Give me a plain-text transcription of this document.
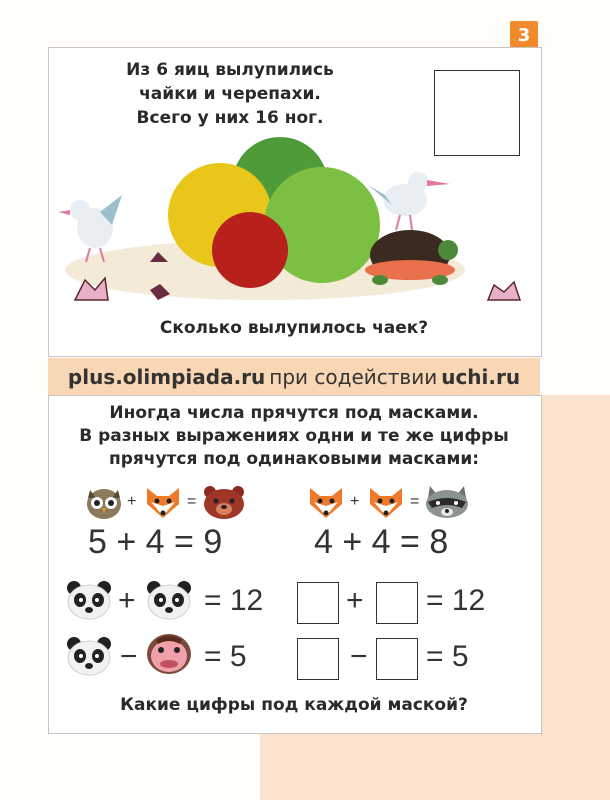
3
Из 6 яиц вылупились
чайки и черепахи.
Всего у них 16 ног.
Сколько вылупилось чаек?
plus.olimpiada.ru при содействии uchi.ru
Иногда числа прячутся под масками.
В разных выражениях одни и те же цифры
прячутся под одинаковыми масками:
+	=
5 + 4 = 9
+	=
4 + 4 = 8
+ = 12
− = 5
+ = 12
− = 5
Какие цифры под каждой маской?
